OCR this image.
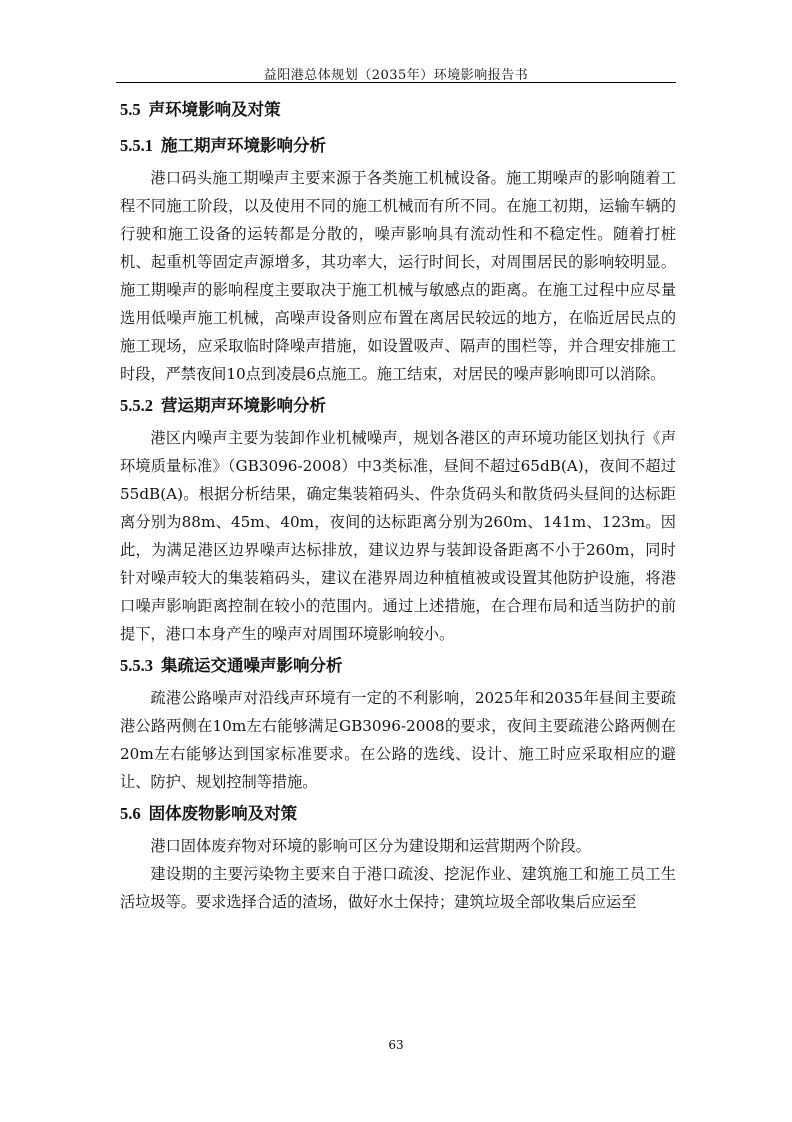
益阳港总体规划（2035年）环境影响报告书
5.5 声环境影响及对策
5.5.1 施工期声环境影响分析

港口码头施工期噪声主要来源于各类施工机械设备。施工期噪声的影响随着工程不同施工阶段，以及使用不同的施工机械而有所不同。在施工初期，运输车辆的行驶和施工设备的运转都是分散的，噪声影响具有流动性和不稳定性。随着打桩机、起重机等固定声源增多，其功率大，运行时间长，对周围居民的影响较明显。施工期噪声的影响程度主要取决于施工机械与敏感点的距离。在施工过程中应尽量选用低噪声施工机械，高噪声设备则应布置在离居民较远的地方，在临近居民点的施工现场，应采取临时降噪声措施，如设置吸声、隔声的围栏等，并合理安排施工时段，严禁夜间10点到凌晨6点施工。施工结束，对居民的噪声影响即可以消除。

5.5.2 营运期声环境影响分析

港区内噪声主要为装卸作业机械噪声，规划各港区的声环境功能区划执行《声环境质量标准》（GB3096-2008）中3类标准，昼间不超过65dB(A)，夜间不超过55dB(A)。根据分析结果，确定集装箱码头、件杂货码头和散货码头昼间的达标距离分别为88m、45m、40m，夜间的达标距离分别为260m、141m、123m。因此，为满足港区边界噪声达标排放，建议边界与装卸设备距离不小于260m，同时针对噪声较大的集装箱码头，建议在港界周边种植植被或设置其他防护设施，将港口噪声影响距离控制在较小的范围内。通过上述措施，在合理布局和适当防护的前提下，港口本身产生的噪声对周围环境影响较小。

5.5.3 集疏运交通噪声影响分析

疏港公路噪声对沿线声环境有一定的不利影响，2025年和2035年昼间主要疏港公路两侧在10m左右能够满足GB3096-2008的要求，夜间主要疏港公路两侧在20m左右能够达到国家标准要求。在公路的选线、设计、施工时应采取相应的避让、防护、规划控制等措施。

5.6 固体废物影响及对策

港口固体废弃物对环境的影响可区分为建设期和运营期两个阶段。

建设期的主要污染物主要来自于港口疏浚、挖泥作业、建筑施工和施工员工生活垃圾等。要求选择合适的渣场，做好水土保持；建筑垃圾全部收集后应运至

63
